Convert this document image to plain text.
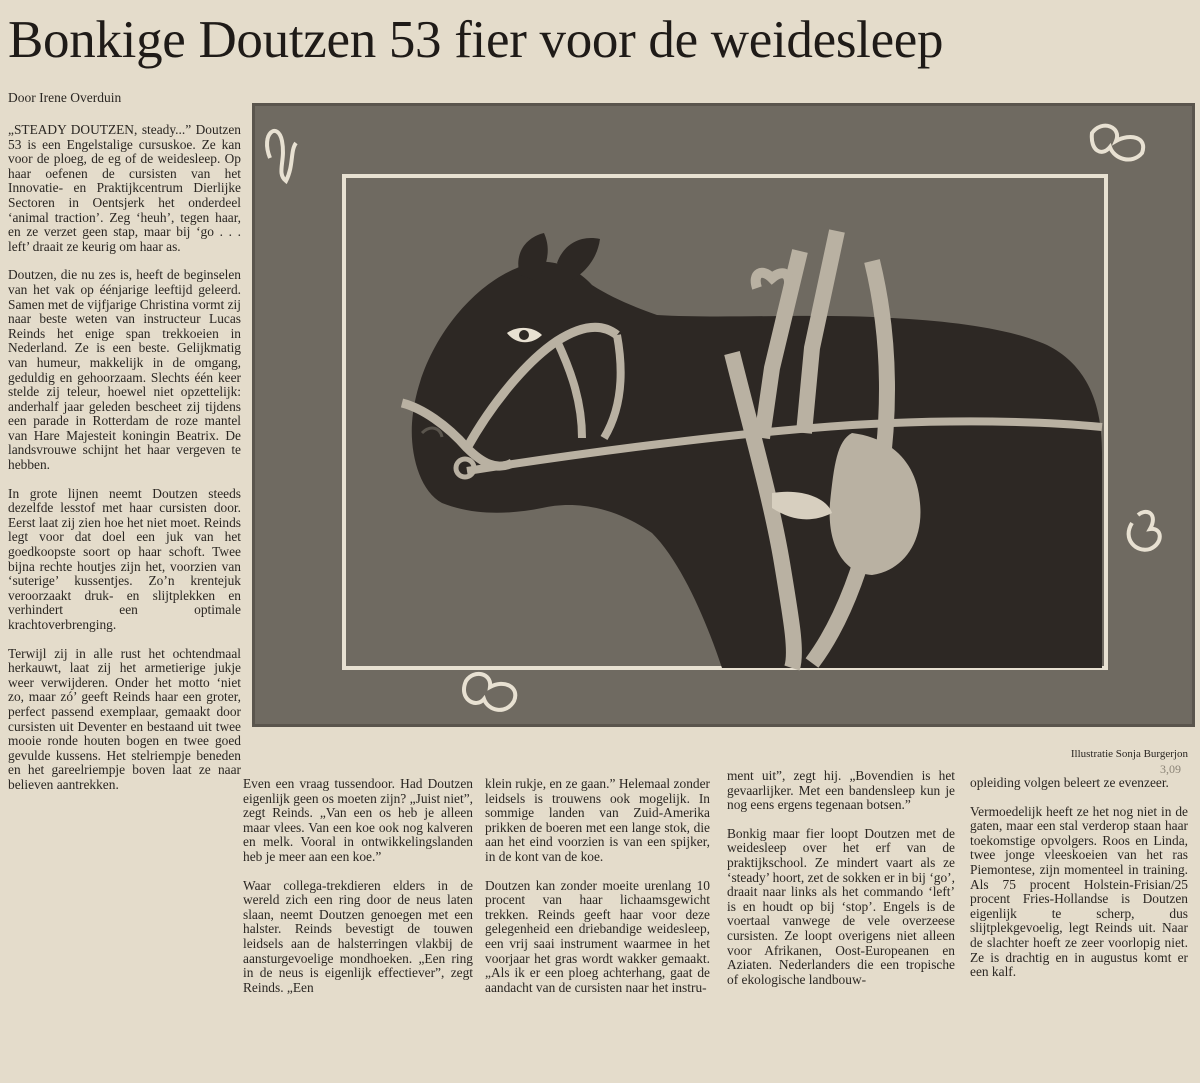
Bonkige Doutzen 53 fier voor de weidesleep

Door Irene Overduin

„STEADY DOUTZEN, steady...” Doutzen 53 is een Engelstalige cursuskoe. Ze kan voor de ploeg, de eg of de weidesleep. Op haar oefenen de cursisten van het Innovatie- en Praktijkcentrum Dierlijke Sectoren in Oentsjerk het onderdeel ‘animal traction’. Zeg ‘heuh’, tegen haar, en ze verzet geen stap, maar bij ‘go . . . left’ draait ze keurig om haar as.

Doutzen, die nu zes is, heeft de beginselen van het vak op éénjarige leeftijd geleerd. Samen met de vijfjarige Christina vormt zij naar beste weten van instructeur Lucas Reinds het enige span trekkoeien in Nederland. Ze is een beste. Gelijkmatig van humeur, makkelijk in de omgang, geduldig en gehoorzaam. Slechts één keer stelde zij teleur, hoewel niet opzettelijk: anderhalf jaar geleden bescheet zij tijdens een parade in Rotterdam de roze mantel van Hare Majesteit koningin Beatrix. De landsvrouwe schijnt het haar vergeven te hebben.

In grote lijnen neemt Doutzen steeds dezelfde lesstof met haar cursisten door. Eerst laat zij zien hoe het niet moet. Reinds legt voor dat doel een juk van het goedkoopste soort op haar schoft. Twee bijna rechte houtjes zijn het, voorzien van ‘suterige’ kussentjes. Zo’n krentejuk veroorzaakt druk- en slijtplekken en verhindert een optimale krachtoverbrenging.

Terwijl zij in alle rust het ochtendmaal herkauwt, laat zij het armetierige jukje weer verwijderen. Onder het motto ‘niet zo, maar zó’ geeft Reinds haar een groter, perfect passend exemplaar, gemaakt door cursisten uit Deventer en bestaand uit twee mooie ronde houten bogen en twee goed gevulde kussens. Het stelriempje beneden en het gareelriempje boven laat ze naar believen aantrekken.

Illustratie Sonja Burgerjon

Even een vraag tussendoor. Had Doutzen eigenlijk geen os moeten zijn? „Juist niet”, zegt Reinds. „Van een os heb je alleen maar vlees. Van een koe ook nog kalveren en melk. Vooral in ontwikkelingslanden heb je meer aan een koe.”

Waar collega-trekdieren elders in de wereld zich een ring door de neus laten slaan, neemt Doutzen genoegen met een halster. Reinds bevestigt de touwen leidsels aan de halsterringen vlakbij de aansturgevoelige mondhoeken. „Een ring in de neus is eigenlijk effectiever”, zegt Reinds. „Een

klein rukje, en ze gaan.” Helemaal zonder leidsels is trouwens ook mogelijk. In sommige landen van Zuid-Amerika prikken de boeren met een lange stok, die aan het eind voorzien is van een spijker, in de kont van de koe.

Doutzen kan zonder moeite urenlang 10 procent van haar lichaamsgewicht trekken. Reinds geeft haar voor deze gelegenheid een driebandige weidesleep, een vrij saai instrument waarmee in het voorjaar het gras wordt wakker gemaakt. „Als ik er een ploeg achterhang, gaat de aandacht van de cursisten naar het instru-

ment uit”, zegt hij. „Bovendien is het gevaarlijker. Met een bandensleep kun je nog eens ergens tegenaan botsen.”

Bonkig maar fier loopt Doutzen met de weidesleep over het erf van de praktijkschool. Ze mindert vaart als ze ‘steady’ hoort, zet de sokken er in bij ‘go’, draait naar links als het commando ‘left’ is en houdt op bij ‘stop’. Engels is de voertaal vanwege de vele overzeese cursisten. Ze loopt overigens niet alleen voor Afrikanen, Oost-Europeanen en Aziaten. Nederlanders die een tropische of ekologische landbouw-

opleiding volgen beleert ze evenzeer.

Vermoedelijk heeft ze het nog niet in de gaten, maar een stal verderop staan haar toekomstige opvolgers. Roos en Linda, twee jonge vleeskoeien van het ras Piemontese, zijn momenteel in training. Als 75 procent Holstein-Frisian/25 procent Fries-Hollandse is Doutzen eigenlijk te scherp, dus slijtplekgevoelig, legt Reinds uit. Naar de slachter hoeft ze zeer voorlopig niet. Ze is drachtig en in augustus komt er een kalf.

3,09
